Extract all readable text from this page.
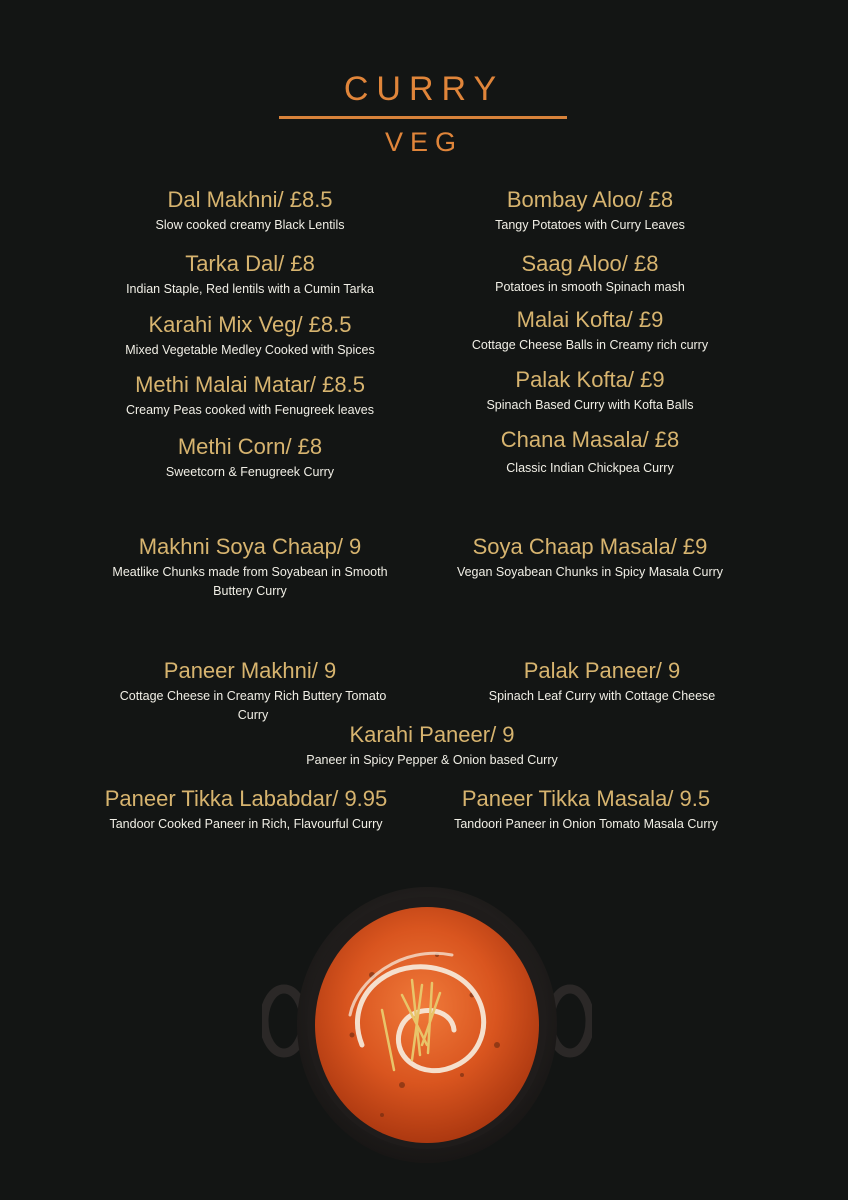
CURRY
VEG
Dal Makhni/ £8.5
Slow cooked creamy Black Lentils
Bombay Aloo/ £8
Tangy Potatoes with Curry Leaves
Tarka Dal/ £8
Indian Staple, Red lentils with a Cumin Tarka
Saag Aloo/ £8
Potatoes in smooth Spinach mash
Karahi Mix Veg/ £8.5
Mixed Vegetable Medley Cooked with Spices
Malai Kofta/ £9
Cottage Cheese Balls in Creamy rich curry
Methi Malai Matar/ £8.5
Creamy Peas cooked with Fenugreek leaves
Palak Kofta/ £9
Spinach Based Curry with Kofta Balls
Methi Corn/ £8
Sweetcorn & Fenugreek Curry
Chana Masala/ £8
Classic Indian Chickpea Curry
Makhni Soya Chaap/ 9
Meatlike Chunks made from Soyabean in Smooth Buttery Curry
Soya Chaap Masala/ £9
Vegan Soyabean Chunks in Spicy Masala Curry
Paneer Makhni/ 9
Cottage Cheese in Creamy Rich Buttery Tomato Curry
Palak Paneer/ 9
Spinach Leaf Curry with Cottage Cheese
Karahi Paneer/ 9
Paneer in Spicy Pepper & Onion based Curry
Paneer Tikka Lababdar/ 9.95
Tandoor Cooked Paneer in Rich, Flavourful Curry
Paneer Tikka Masala/ 9.5
Tandoori Paneer in Onion Tomato Masala Curry
